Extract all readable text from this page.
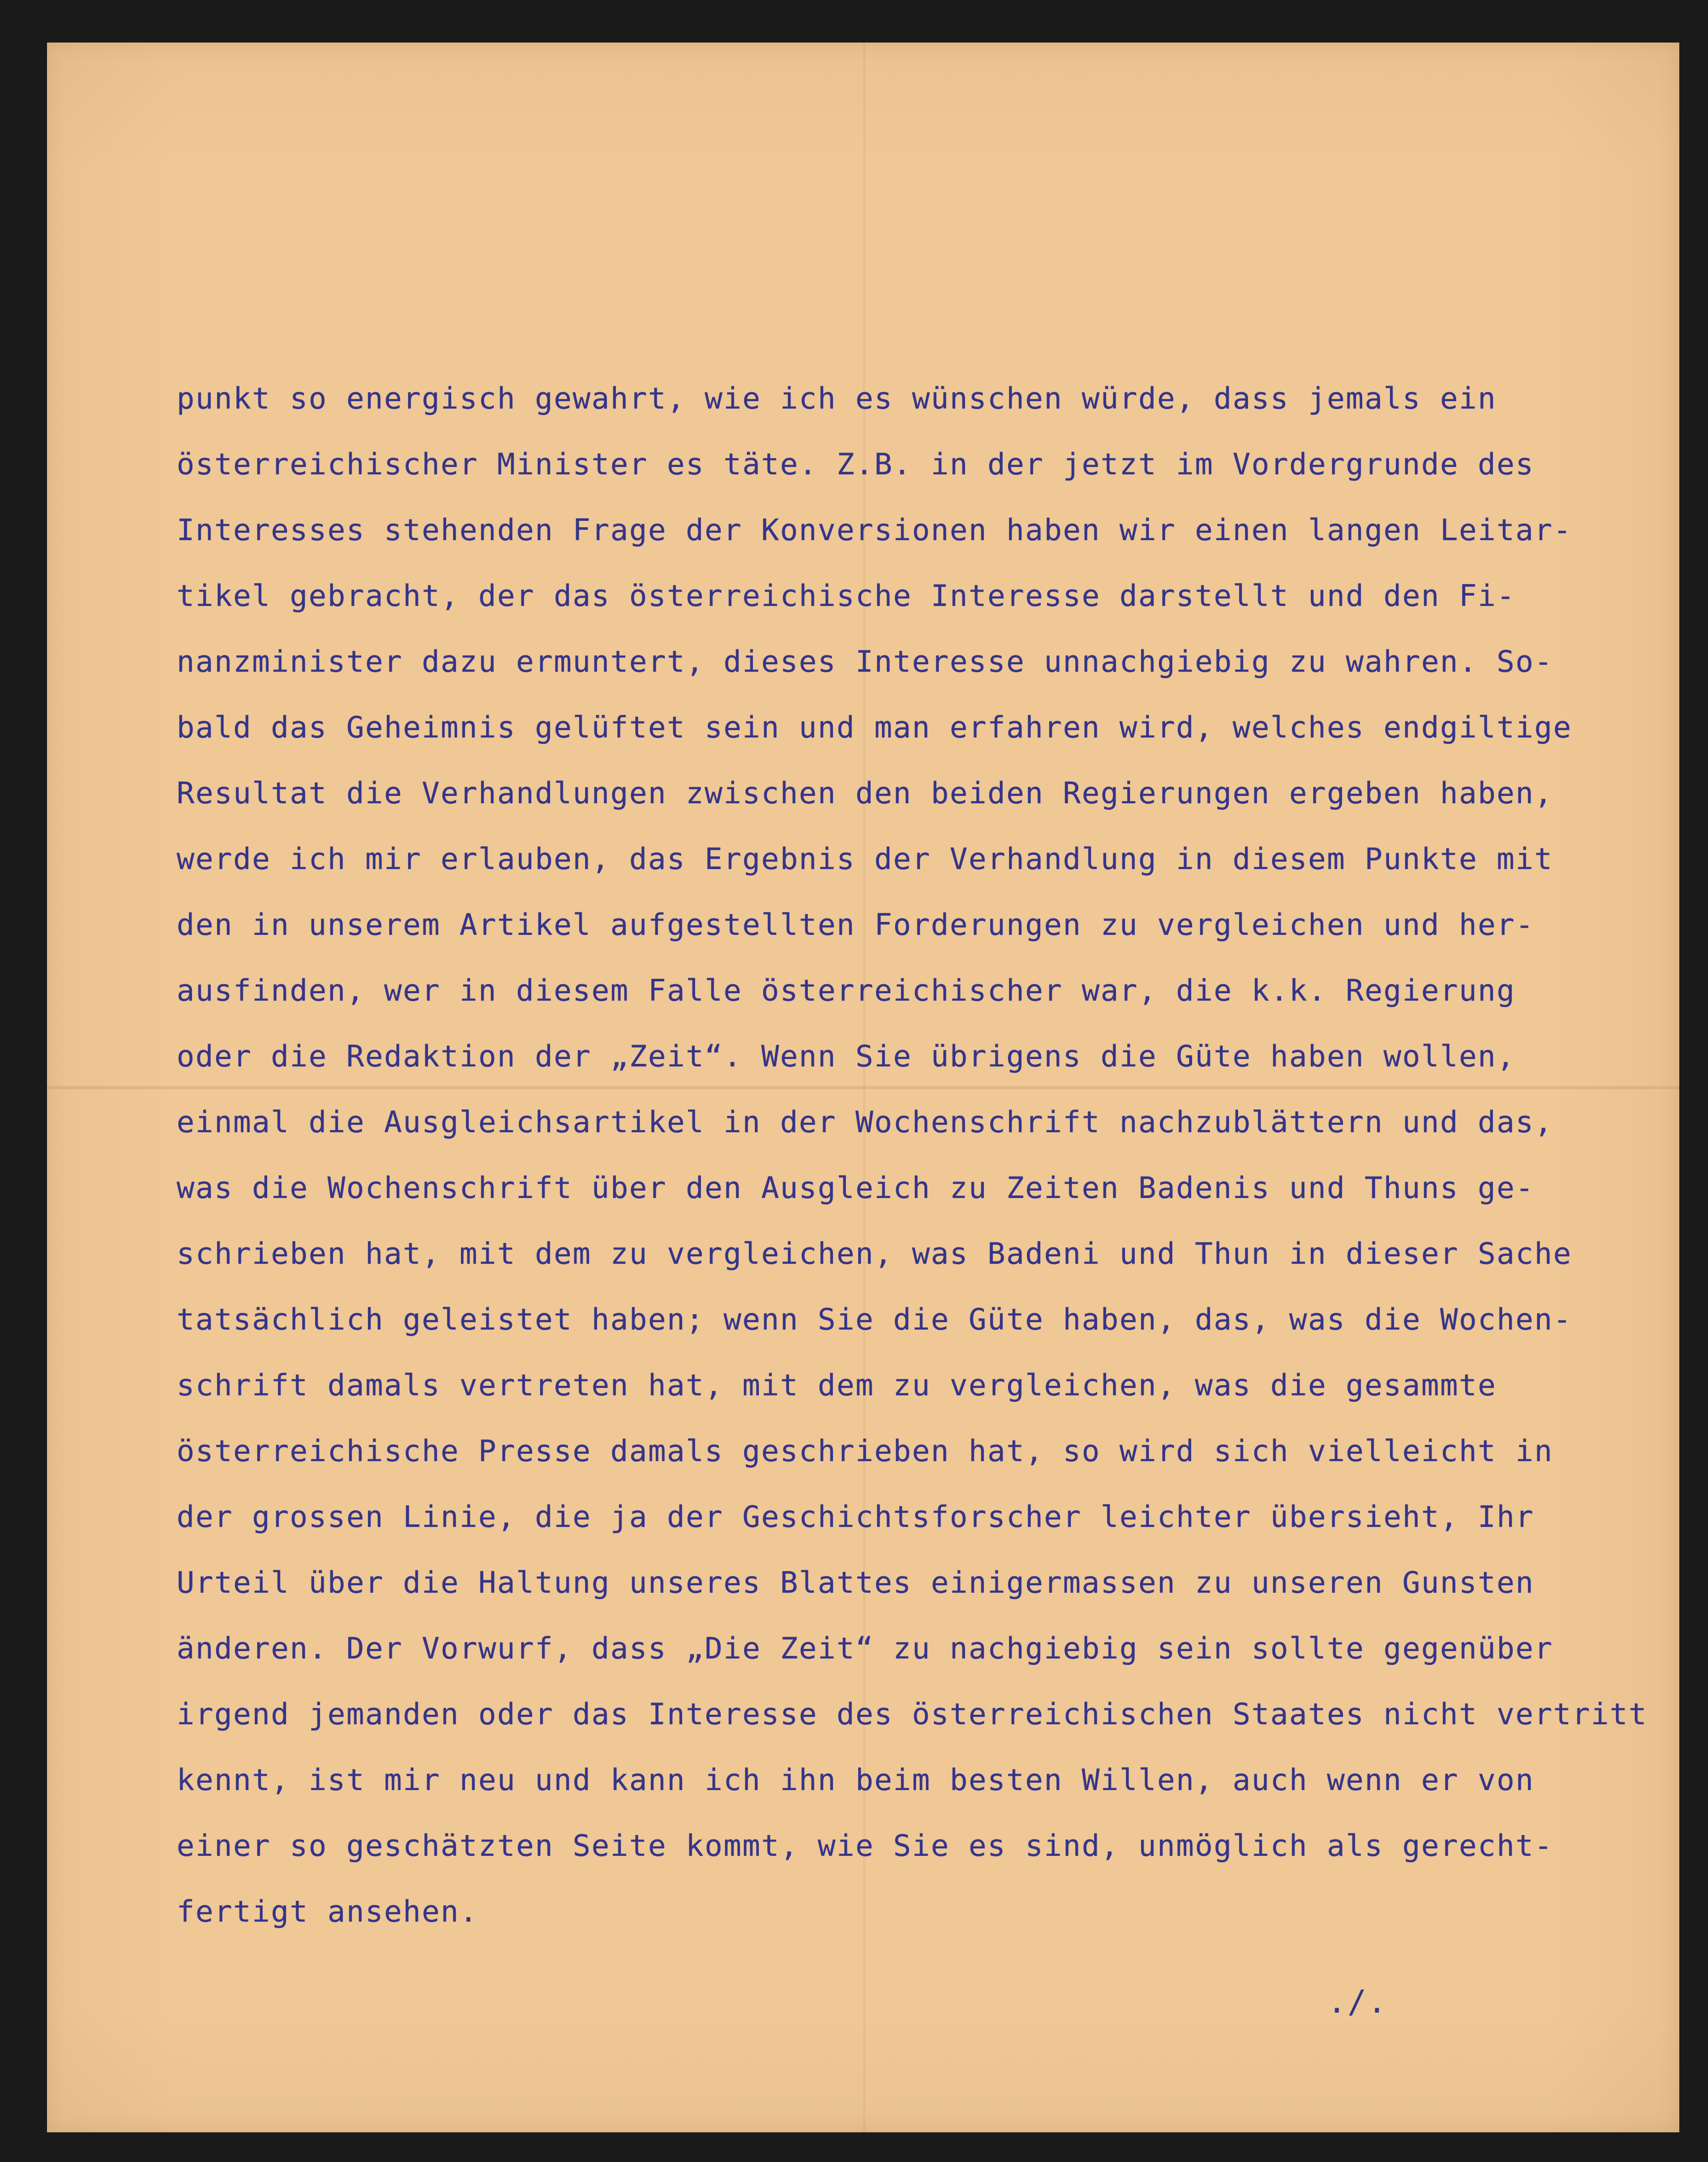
punkt so energisch gewahrt, wie ich es wünschen würde, dass jemals ein
österreichischer Minister es täte. Z.B. in der jetzt im Vordergrunde des
Interesses stehenden Frage der Konversionen haben wir einen langen Leitar-
tikel gebracht, der das österreichische Interesse darstellt und den Fi-
nanzminister dazu ermuntert, dieses Interesse unnachgiebig zu wahren. So-
bald das Geheimnis gelüftet sein und man erfahren wird, welches endgiltige
Resultat die Verhandlungen zwischen den beiden Regierungen ergeben haben,
werde ich mir erlauben, das Ergebnis der Verhandlung in diesem Punkte mit
den in unserem Artikel aufgestellten Forderungen zu vergleichen und her-
ausfinden, wer in diesem Falle österreichischer war, die k.k. Regierung
oder die Redaktion der „Zeit“. Wenn Sie übrigens die Güte haben wollen,
einmal die Ausgleichsartikel in der Wochenschrift nachzublättern und das,
was die Wochenschrift über den Ausgleich zu Zeiten Badenis und Thuns ge-
schrieben hat, mit dem zu vergleichen, was Badeni und Thun in dieser Sache
tatsächlich geleistet haben; wenn Sie die Güte haben, das, was die Wochen-
schrift damals vertreten hat, mit dem zu vergleichen, was die gesammte
österreichische Presse damals geschrieben hat, so wird sich vielleicht in
der grossen Linie, die ja der Geschichtsforscher leichter übersieht, Ihr
Urteil über die Haltung unseres Blattes einigermassen zu unseren Gunsten
änderen. Der Vorwurf, dass „Die Zeit“ zu nachgiebig sein sollte gegenüber
irgend jemanden oder das Interesse des österreichischen Staates nicht vertritt
kennt, ist mir neu und kann ich ihn beim besten Willen, auch wenn er von
einer so geschätzten Seite kommt, wie Sie es sind, unmöglich als gerecht-
fertigt ansehen.
./.
